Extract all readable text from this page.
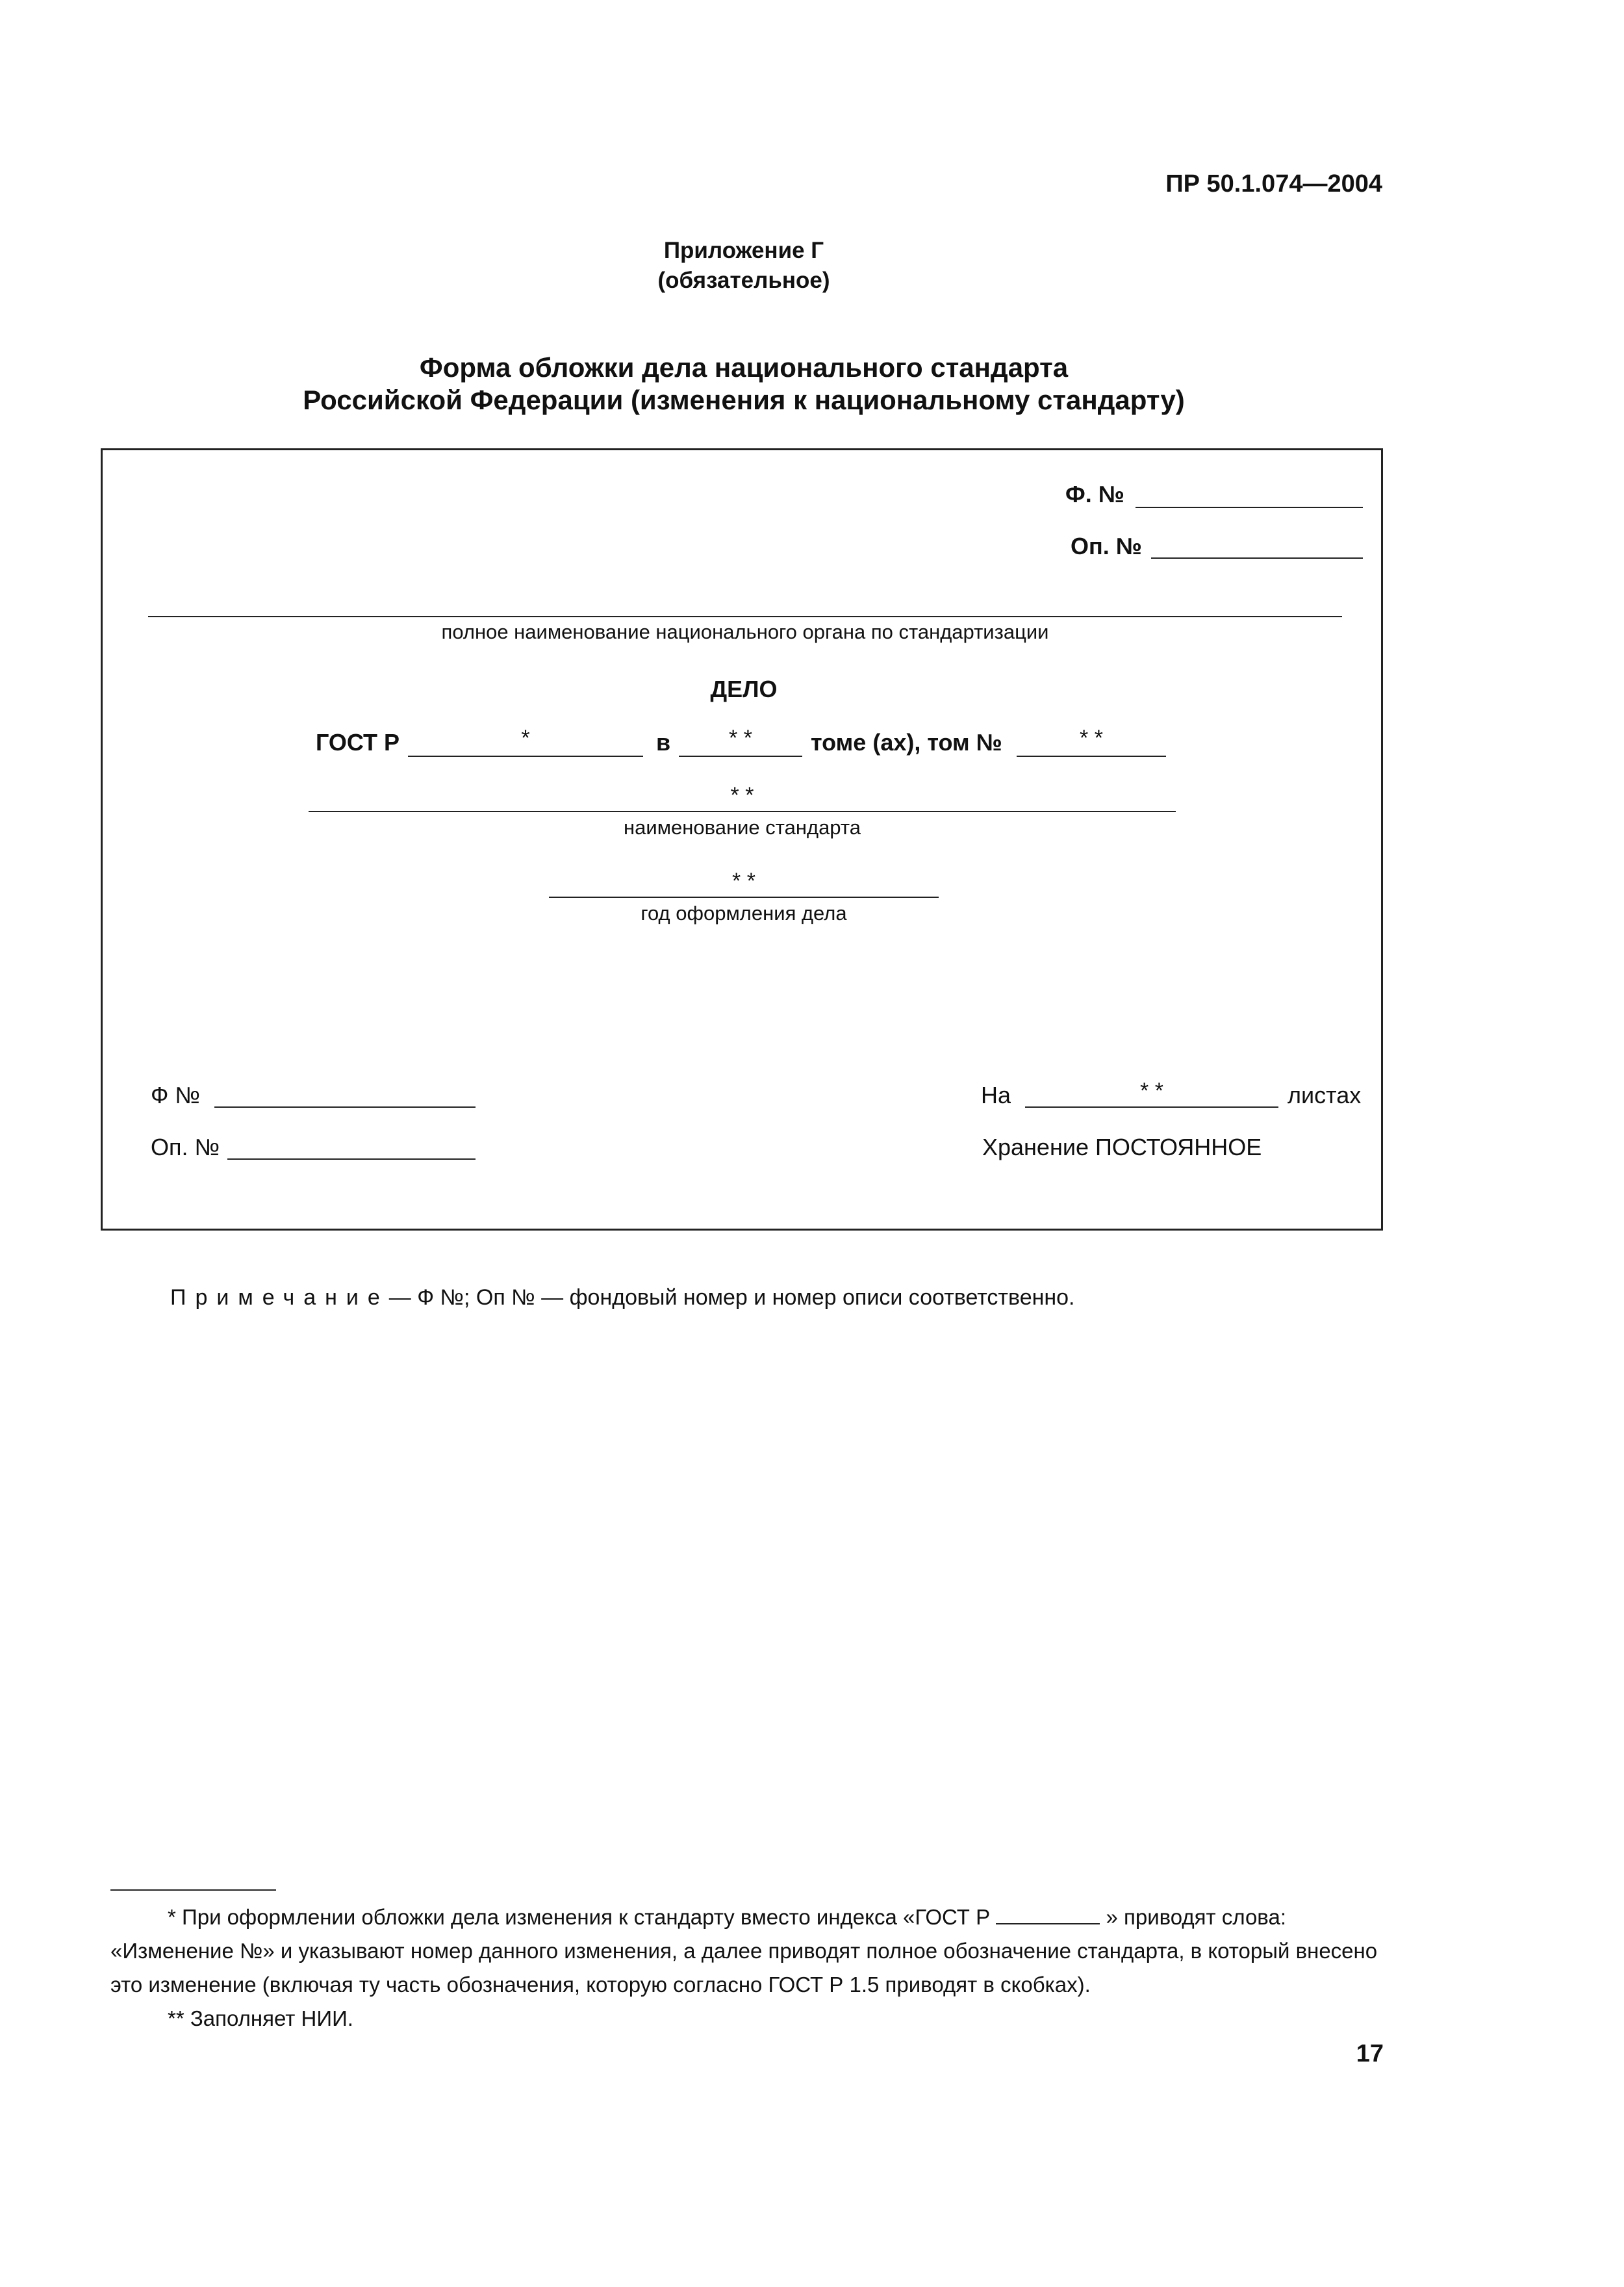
ПР 50.1.074—2004
Приложение Г
(обязательное)
Форма обложки дела национального стандарта
Российской Федерации (изменения к национальному стандарту)
Ф. №
Оп. №
полное наименование национального органа по стандартизации
ДЕЛО
ГОСТ Р	*	в	* *	томе (ах), том №	* *
* *
наименование стандарта
* *
год оформления дела
Ф №
Оп. №
На	* *	листах
Хранение ПОСТОЯННОЕ
Примечание— Ф №; Оп № — фондовый номер и номер описи соответственно.

* При оформлении обложки дела изменения к стандарту вместо индекса «ГОСТ Р	» приводят слова: «Изменение №» и указывают номер данного изменения, а далее приводят полное обозначение стандарта, в который внесено это изменение (включая ту часть обозначения, которую согласно ГОСТ Р 1.5 приводят в скобках).

** Заполняет НИИ.

17
